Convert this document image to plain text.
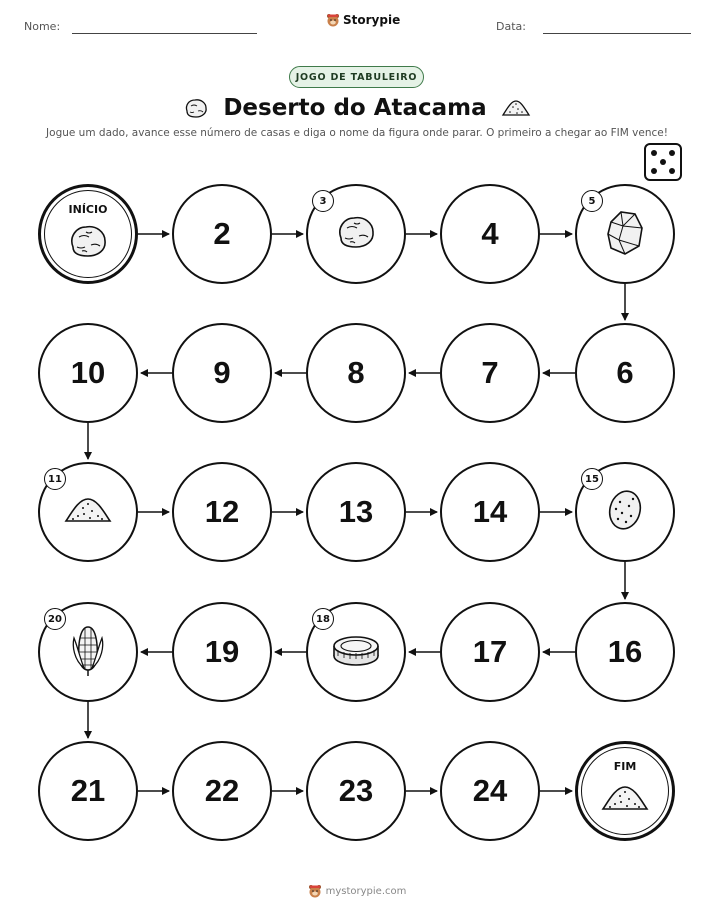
Nome:	Storypie	Data:
JOGO DE TABULEIRO
Deserto do Atacama
Jogue um dado, avance esse número de casas e diga o nome da figura onde parar. O primeiro a chegar ao FIM vence!
INÍCIO
2
3
4
5
6
7
8
9
10
11
12	13	14
15
16
17
18
19
20
21	22	23	24
FIM
mystorypie.com
